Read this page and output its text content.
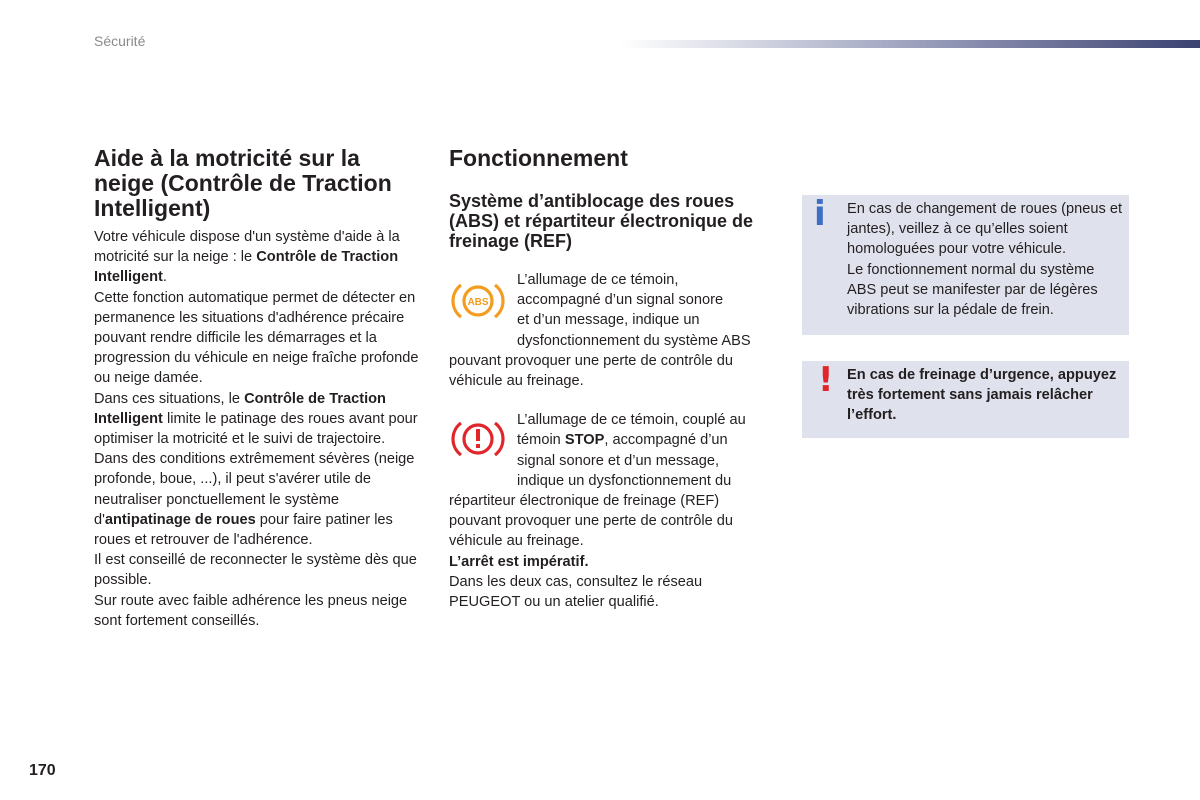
Sécurité
Aide à la motricité sur la neige (Contrôle de Traction Intelligent)

Votre véhicule dispose d'un système d'aide à la motricité sur la neige : le Contrôle de Traction Intelligent.

Cette fonction automatique permet de détecter en permanence les situations d'adhérence précaire pouvant rendre difficile les démarrages et la progression du véhicule en neige fraîche profonde ou neige damée.

Dans ces situations, le Contrôle de Traction Intelligent limite le patinage des roues avant pour optimiser la motricité et le suivi de trajectoire.

Dans des conditions extrêmement sévères (neige profonde, boue, ...), il peut s'avérer utile de neutraliser ponctuellement le système d'antipatinage de roues pour faire patiner les roues et retrouver de l'adhérence.

Il est conseillé de reconnecter le système dès que possible.

Sur route avec faible adhérence les pneus neige sont fortement conseillés.

Fonctionnement
Système d’antiblocage des roues (ABS) et répartiteur électronique de freinage (REF)
ABS

L’allumage de ce témoin,

accompagné d’un signal sonore

et d’un message, indique un

dysfonctionnement du système ABS

pouvant provoquer une perte de contrôle du véhicule au freinage.

L’allumage de ce témoin, couplé au

témoin STOP, accompagné d’un

signal sonore et d’un message,

indique un dysfonctionnement du

répartiteur électronique de freinage (REF) pouvant provoquer une perte de contrôle du véhicule au freinage.

L’arrêt est impératif.

Dans les deux cas, consultez le réseau PEUGEOT ou un atelier qualifié.

i En cas de changement de roues (pneus et jantes), veillez à ce qu’elles soient homologuées pour votre véhicule.

Le fonctionnement normal du système ABS peut se manifester par de légères vibrations sur la pédale de frein.

! En cas de freinage d’urgence, appuyez très fortement sans jamais relâcher l’effort.

170
